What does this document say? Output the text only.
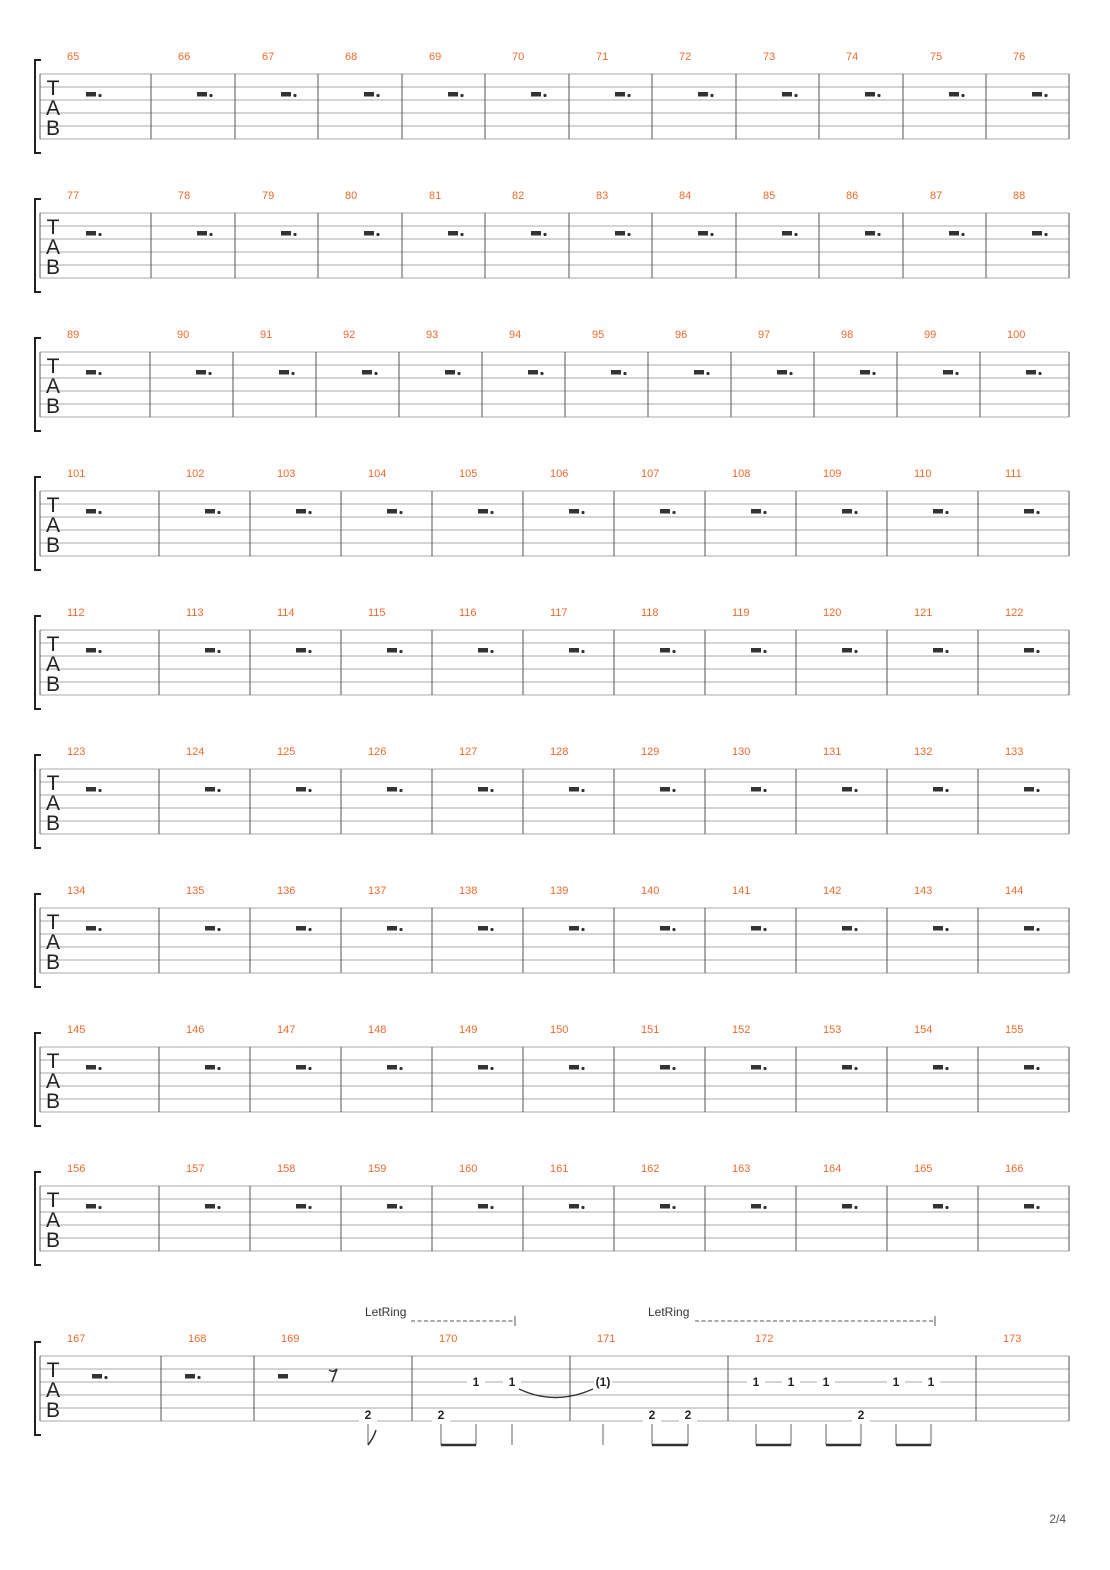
T
A
B
65	66	67	68	69	70	71	72	73	74	75	76
T
A
B
77	78	79	80	81	82	83	84	85	86	87	88
T
A
B
89	90	91	92	93	94	95	96	97	98	99	100
T
A
B
101	102	103	104	105	106	107	108	109	110	111
T
A
B
112	113	114	115	116	117	118	119	120	121	122
T
A
B
123	124	125	126	127	128	129	130	131	132	133
T
A
B
134	135	136	137	138	139	140	141	142	143	144
T
A
B
145	146	147	148	149	150	151	152	153	154	155
T
A
B
156	157	158	159	160	161	162	163	164	165	166
T
A
B
167	168	169	170	171	172	173
LetRing	LetRing
2	2
1 1	(1)
2 2
1 1 1
2
1 1
2/4
